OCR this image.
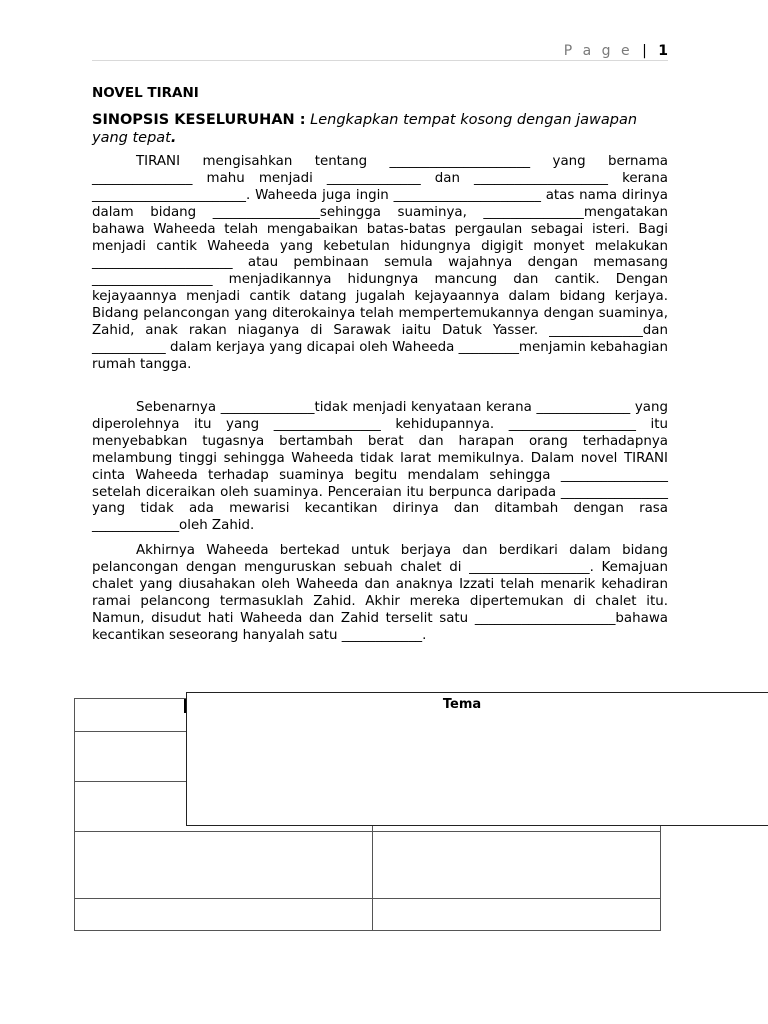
P a g e | 1
NOVEL TIRANI
SINOPSIS KESELURUHAN : Lengkapkan tempat kosong dengan jawapan yang tepat.

TIRANI mengisahkan tentang _____________________ yang bernama _______________ mahu menjadi ______________ dan ____________________ kerana _______________________. Waheeda juga ingin ______________________ atas nama dirinya dalam bidang ________________sehingga suaminya, _______________mengatakan bahawa Waheeda telah mengabaikan batas-batas pergaulan sebagai isteri. Bagi menjadi cantik Waheeda yang kebetulan hidungnya digigit monyet melakukan _____________________ atau pembinaan semula wajahnya dengan memasang __________________ menjadikannya hidungnya mancung dan cantik. Dengan kejayaannya menjadi cantik datang jugalah kejayaannya dalam bidang kerjaya. Bidang pelancongan yang diterokainya telah mempertemukannya dengan suaminya, Zahid, anak rakan niaganya di Sarawak iaitu Datuk Yasser. ______________dan ___________ dalam kerjaya yang dicapai oleh Waheeda _________menjamin kebahagian rumah tangga.

Sebenarnya ______________tidak menjadi kenyataan kerana ______________ yang diperolehnya itu yang ________________ kehidupannya. ___________________ itu menyebabkan tugasnya bertambah berat dan harapan orang terhadapnya melambung tinggi sehingga Waheeda tidak larat memikulnya. Dalam novel TIRANI cinta Waheeda terhadap suaminya begitu mendalam sehingga ________________ setelah diceraikan oleh suaminya. Penceraian itu berpunca daripada ________________ yang tidak ada mewarisi kecantikan dirinya dan ditambah dengan rasa _____________oleh Zahid.

Akhirnya Waheeda bertekad untuk berjaya dan berdikari dalam bidang pelancongan dengan menguruskan sebuah chalet di __________________. Kemajuan chalet yang diusahakan oleh Waheeda dan anaknya Izzati telah menarik kehadiran ramai pelancong termasuklah Zahid. Akhir mereka dipertemukan di chalet itu. Namun, disudut hati Waheeda dan Zahid terselit satu _____________________bahawa kecantikan seseorang hanyalah satu ____________.

Tema
